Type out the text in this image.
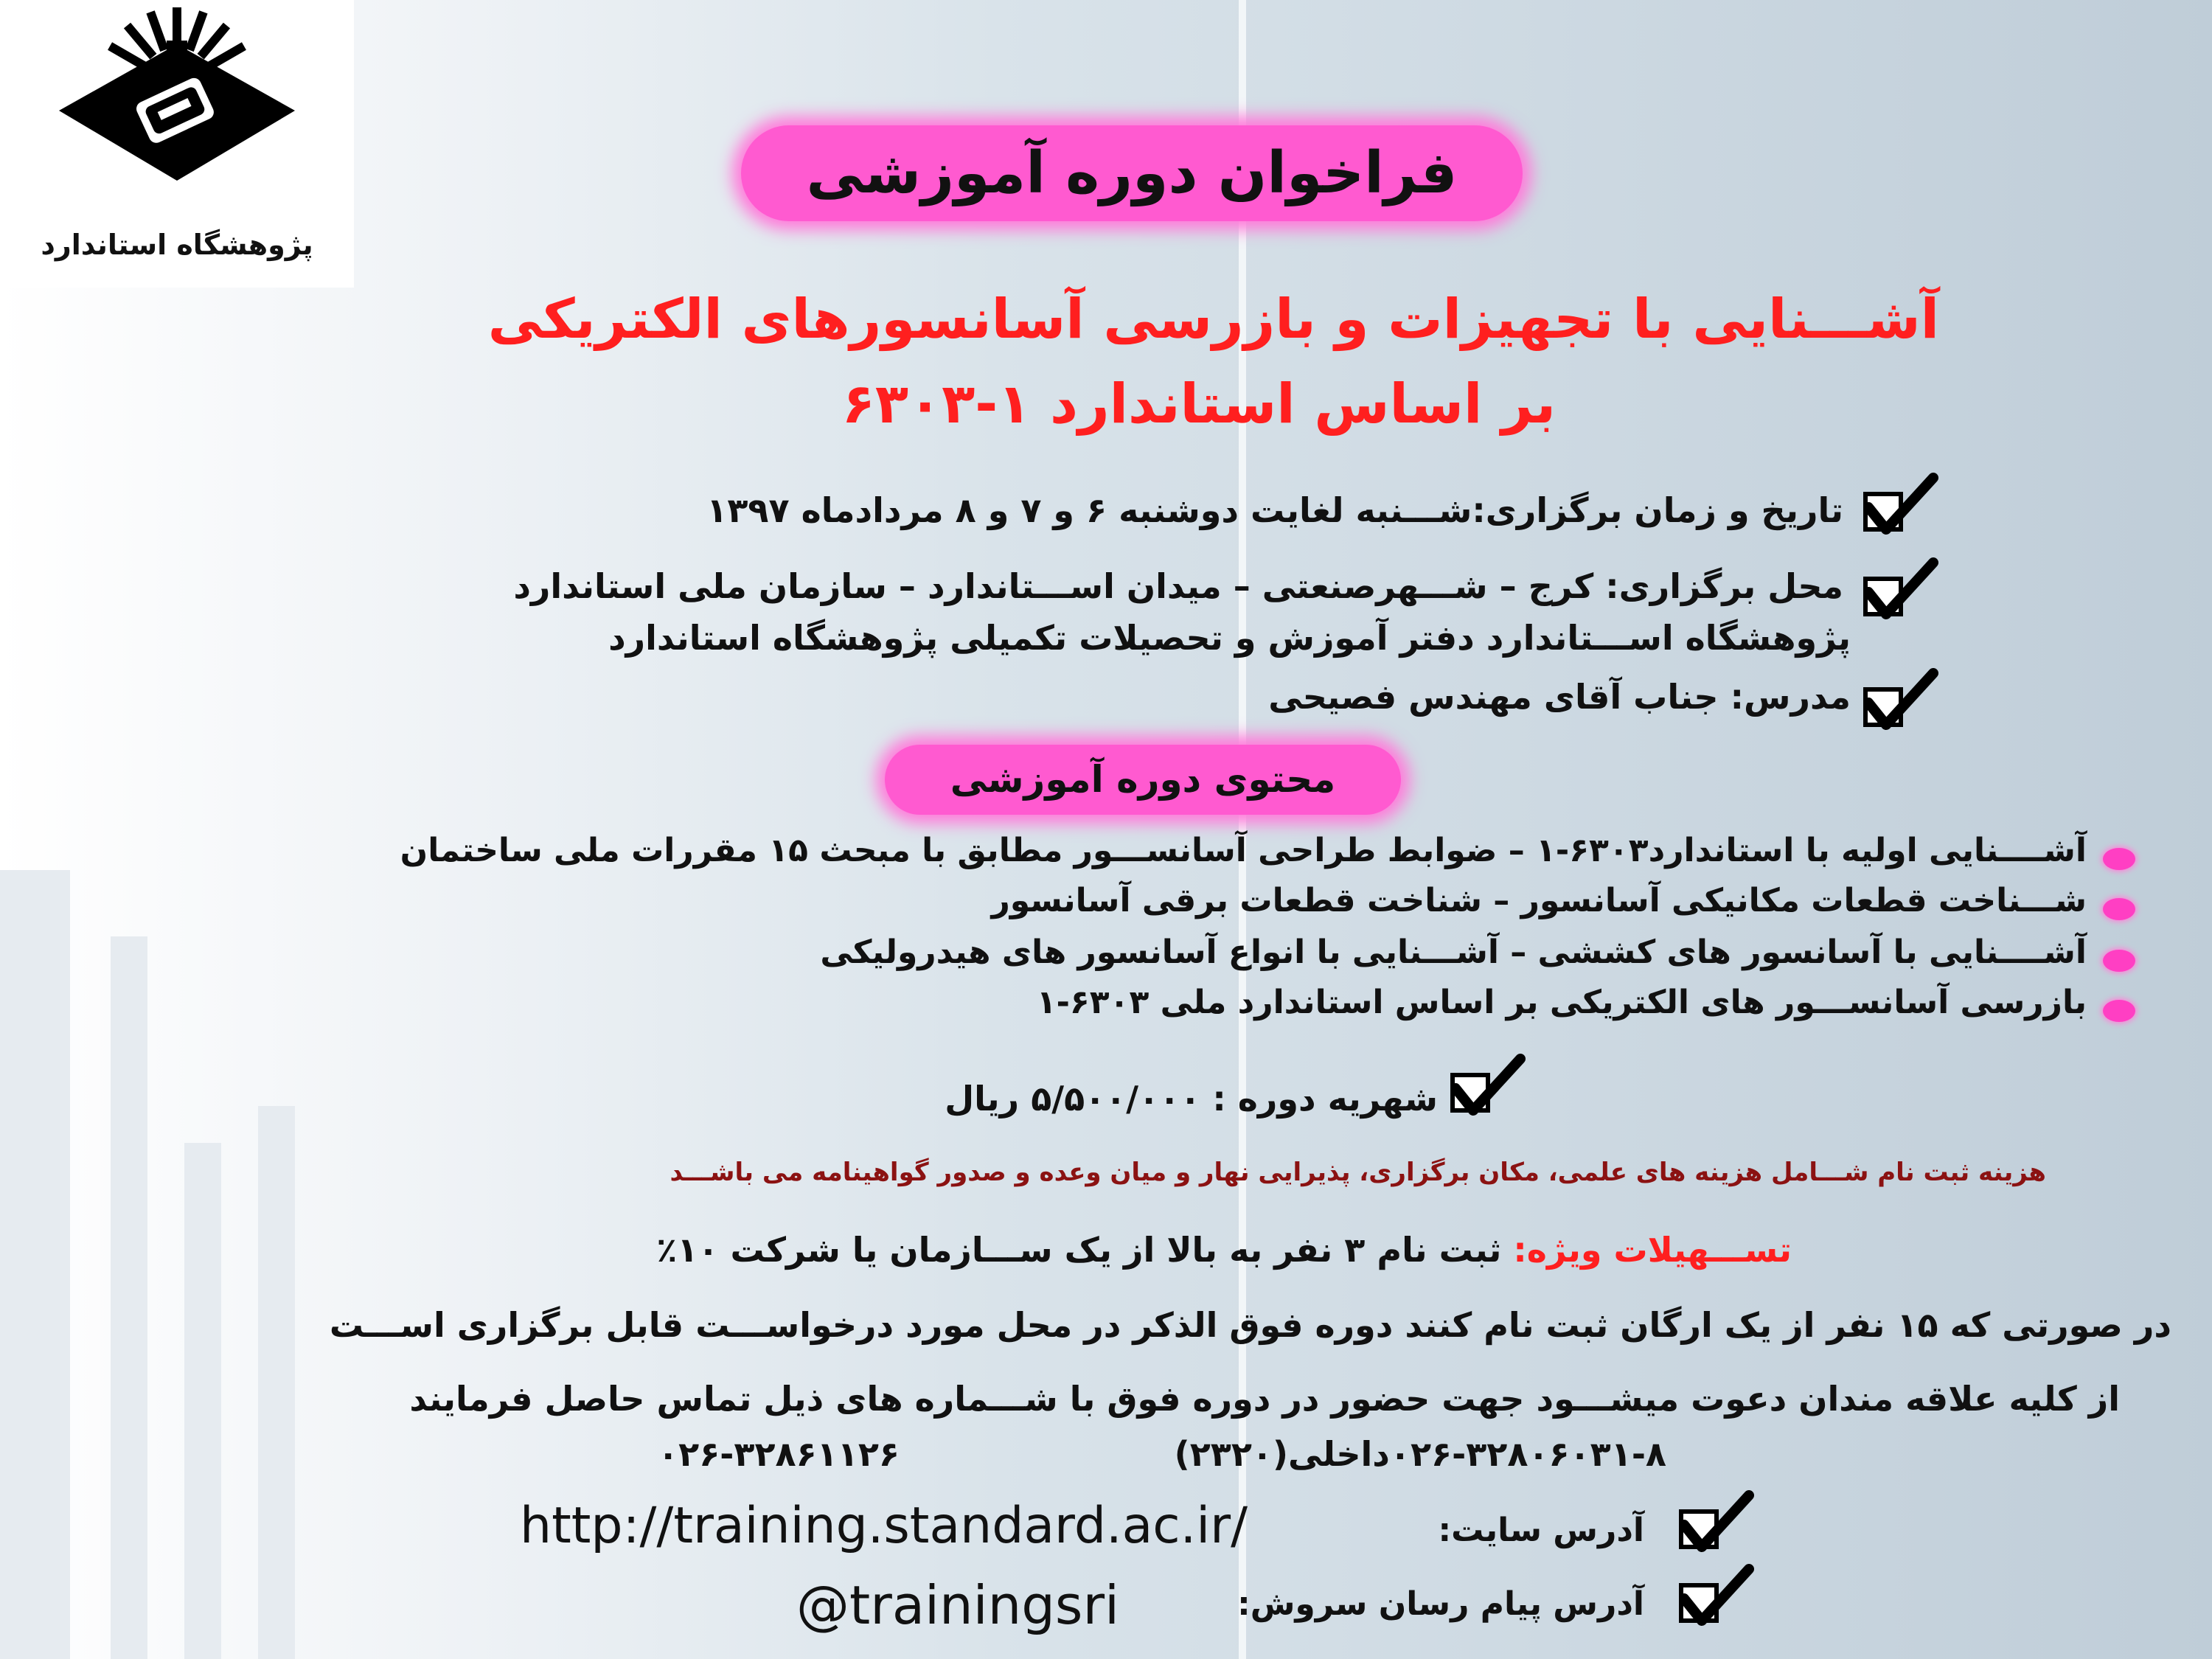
پژوهشگاه استاندارد
فراخوان دوره آموزشی
آشـــنایی با تجهیزات و بازرسی آسانسورهای الکتریکی
بر اساس استاندارد ۱-۶۳۰۳
تاریخ و زمان برگزاری:شـــنبه لغایت دوشنبه ۶ و ۷ و ۸ مردادماه ۱۳۹۷
محل برگزاری: کرج – شـــهرصنعتی – میدان اســـتاندارد – سازمان ملی استاندارد
پژوهشگاه اســـتاندارد دفتر آموزش و تحصیلات تکمیلی پژوهشگاه استاندارد
مدرس: جناب آقای مهندس فصیحی
محتوی دوره آموزشی
آشــــنایی اولیه با استاندارد۶۳۰۳-۱ – ضوابط طراحی آسانســـور مطابق با مبحث ۱۵ مقررات ملی ساختمان
شـــناخت قطعات مکانیکی آسانسور – شناخت قطعات برقی آسانسور
آشــــنایی با آسانسور های کششی – آشـــنایی با انواع آسانسور های هیدرولیکی
بازرسی آسانســـور های الکتریکی بر اساس استاندارد ملی ۶۳۰۳-۱
شهریه دوره : ۵/۵۰۰/۰۰۰ ریال
هزینه ثبت نام شـــامل هزینه های علمی، مکان برگزاری، پذیرایی نهار و میان وعده و صدور گواهینامه می باشـــد
تســـهیلات ویژه: ثبت نام ۳ نفر به بالا از یک ســـازمان یا شرکت ۱۰٪
در صورتی که ۱۵ نفر از یک ارگان ثبت نام کنند دوره فوق الذکر در محل مورد درخواســـت قابل برگزاری اســـت
از کلیه علاقه مندان دعوت میشـــود جهت حضور در دوره فوق با شـــماره های ذیل تماس حاصل فرمایند
۰۲۶-۳۲۸۰۶۰۳۱-۸داخلی(۲۳۲۰)
۰۲۶-۳۲۸۶۱۱۲۶
آدرس سایت:
http://training.standard.ac.ir/
آدرس پیام رسان سروش:
@trainingsri
